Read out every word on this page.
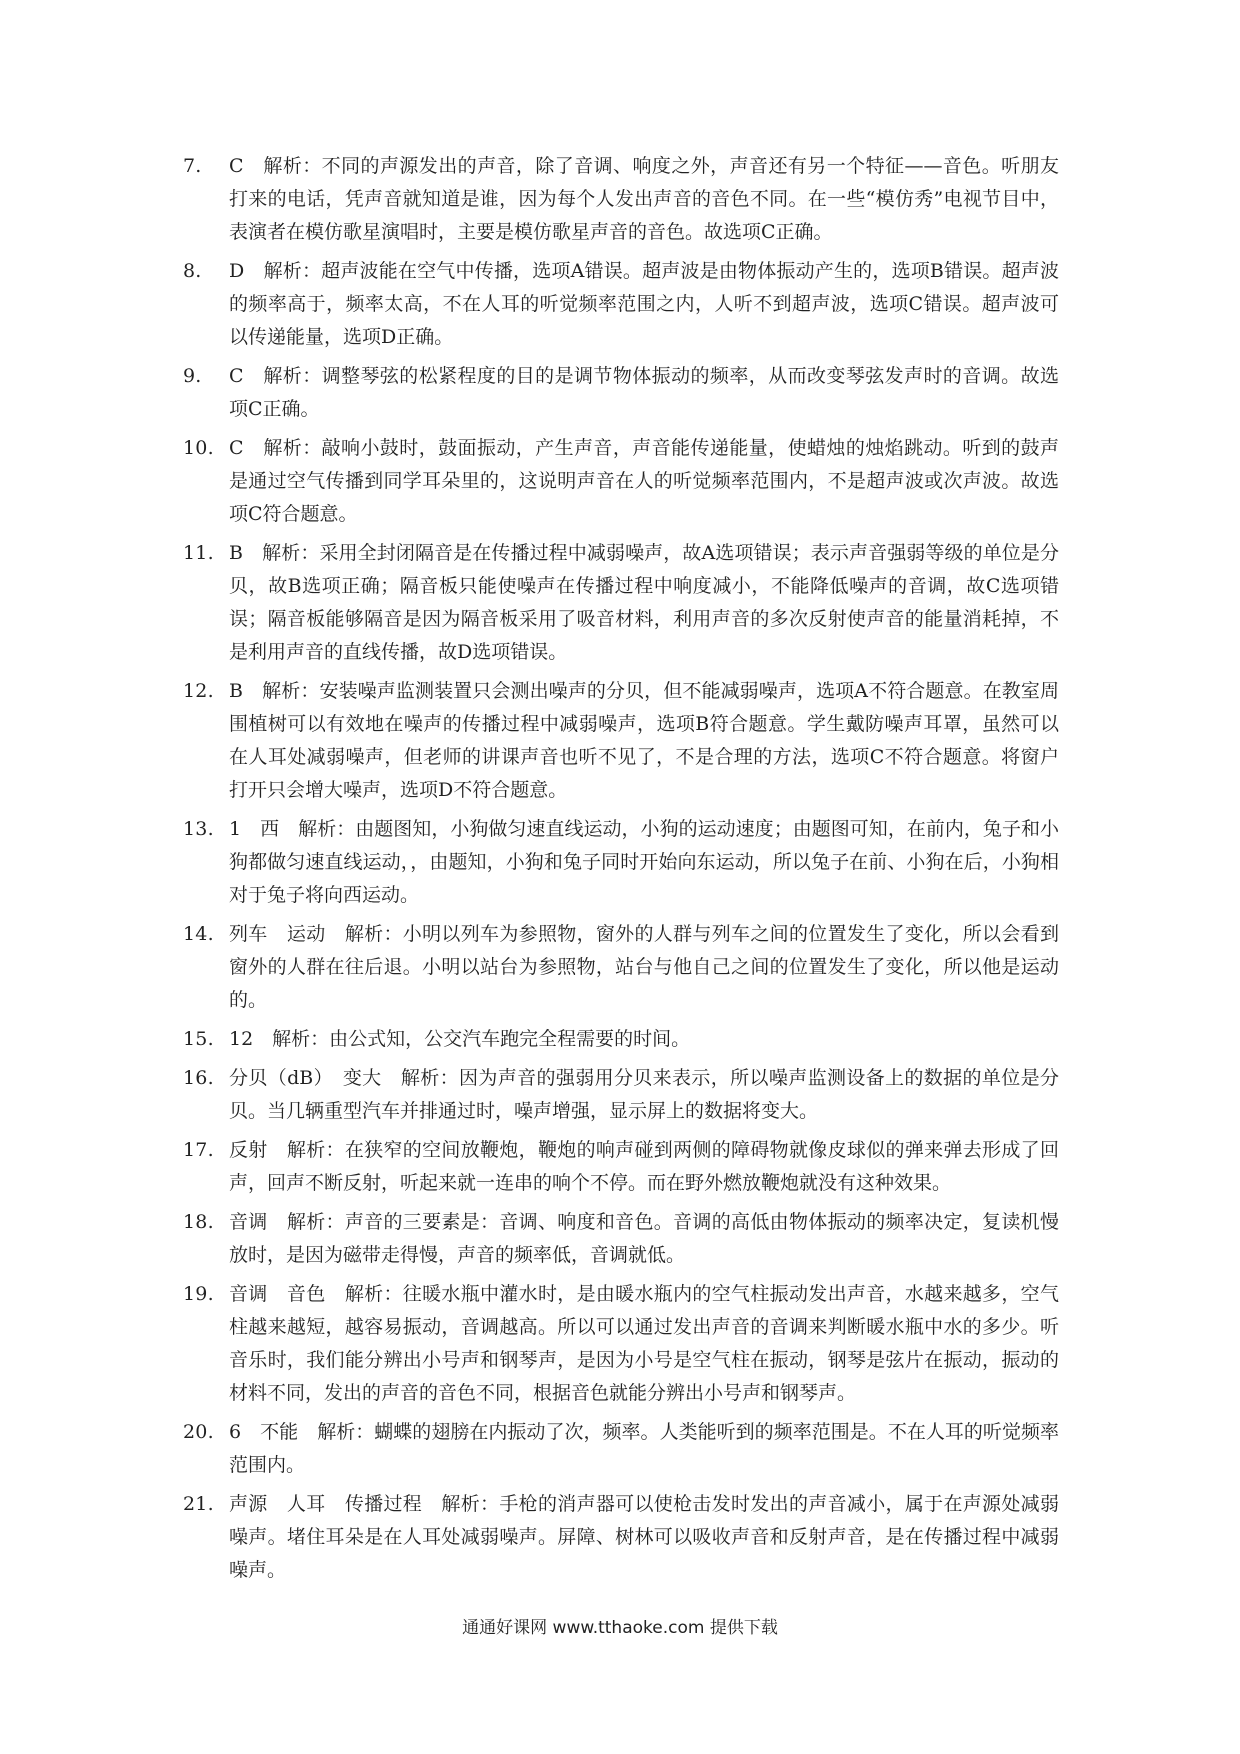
7.	C　解析：不同的声源发出的声音，除了音调、响度之外，声音还有另一个特征——音色。听朋友打来的电话，凭声音就知道是谁，因为每个人发出声音的音色不同。在一些“模仿秀”电视节目中，表演者在模仿歌星演唱时，主要是模仿歌星声音的音色。故选项C正确。
8.	D　解析：超声波能在空气中传播，选项A错误。超声波是由物体振动产生的，选项B错误。超声波的频率高于，频率太高，不在人耳的听觉频率范围之内，人听不到超声波，选项C错误。超声波可以传递能量，选项D正确。
9.	C　解析：调整琴弦的松紧程度的目的是调节物体振动的频率，从而改变琴弦发声时的音调。故选项C正确。
10. C　解析：敲响小鼓时，鼓面振动，产生声音，声音能传递能量，使蜡烛的烛焰跳动。听到的鼓声是通过空气传播到同学耳朵里的，这说明声音在人的听觉频率范围内，不是超声波或次声波。故选项C符合题意。
11. B　解析：采用全封闭隔音是在传播过程中减弱噪声，故A选项错误；表示声音强弱等级的单位是分贝，故B选项正确；隔音板只能使噪声在传播过程中响度减小，不能降低噪声的音调，故C选项错误；隔音板能够隔音是因为隔音板采用了吸音材料，利用声音的多次反射使声音的能量消耗掉，不是利用声音的直线传播，故D选项错误。
12. B　解析：安装噪声监测装置只会测出噪声的分贝，但不能减弱噪声，选项A不符合题意。在教室周围植树可以有效地在噪声的传播过程中减弱噪声，选项B符合题意。学生戴防噪声耳罩，虽然可以在人耳处减弱噪声，但老师的讲课声音也听不见了，不是合理的方法，选项C不符合题意。将窗户打开只会增大噪声，选项D不符合题意。
13. 1　西　解析：由题图知，小狗做匀速直线运动，小狗的运动速度；由题图可知，在前内，兔子和小狗都做匀速直线运动，，由题知，小狗和兔子同时开始向东运动，所以兔子在前、小狗在后，小狗相对于兔子将向西运动。
14. 列车　运动　解析：小明以列车为参照物，窗外的人群与列车之间的位置发生了变化，所以会看到窗外的人群在往后退。小明以站台为参照物，站台与他自己之间的位置发生了变化，所以他是运动的。
15. 12　解析：由公式知，公交汽车跑完全程需要的时间。
16. 分贝（dB）　变大　解析：因为声音的强弱用分贝来表示，所以噪声监测设备上的数据的单位是分贝。当几辆重型汽车并排通过时，噪声增强，显示屏上的数据将变大。
17. 反射　解析：在狭窄的空间放鞭炮，鞭炮的响声碰到两侧的障碍物就像皮球似的弹来弹去形成了回声，回声不断反射，听起来就一连串的响个不停。而在野外燃放鞭炮就没有这种效果。
18. 音调　解析：声音的三要素是：音调、响度和音色。音调的高低由物体振动的频率决定，复读机慢放时，是因为磁带走得慢，声音的频率低，音调就低。
19. 音调　音色　解析：往暖水瓶中灌水时，是由暖水瓶内的空气柱振动发出声音，水越来越多，空气柱越来越短，越容易振动，音调越高。所以可以通过发出声音的音调来判断暖水瓶中水的多少。听音乐时，我们能分辨出小号声和钢琴声，是因为小号是空气柱在振动，钢琴是弦片在振动，振动的材料不同，发出的声音的音色不同，根据音色就能分辨出小号声和钢琴声。
20. 6　不能　解析：蝴蝶的翅膀在内振动了次，频率。人类能听到的频率范围是。不在人耳的听觉频率范围内。
21. 声源　人耳　传播过程　解析：手枪的消声器可以使枪击发时发出的声音减小，属于在声源处减弱噪声。堵住耳朵是在人耳处减弱噪声。屏障、树林可以吸收声音和反射声音，是在传播过程中减弱噪声。
通通好课网 www.tthaoke.com 提供下载
